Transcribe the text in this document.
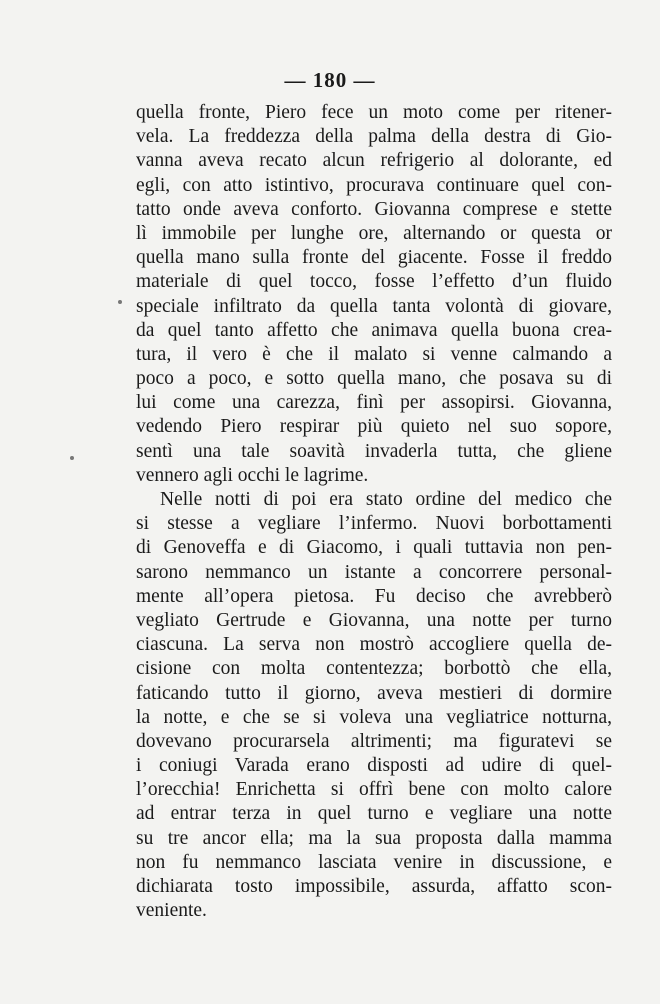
— 180 —
quella fronte, Piero fece un moto come per ritener-
vela. La freddezza della palma della destra di Gio-
vanna aveva recato alcun refrigerio al dolorante, ed
egli, con atto istintivo, procurava continuare quel con-
tatto onde aveva conforto. Giovanna comprese e stette
lì immobile per lunghe ore, alternando or questa or
quella mano sulla fronte del giacente. Fosse il freddo
materiale di quel tocco, fosse l’effetto d’un fluido
speciale infiltrato da quella tanta volontà di giovare,
da quel tanto affetto che animava quella buona crea-
tura, il vero è che il malato si venne calmando a
poco a poco, e sotto quella mano, che posava su di
lui come una carezza, finì per assopirsi. Giovanna,
vedendo Piero respirar più quieto nel suo sopore,
sentì una tale soavità invaderla tutta, che gliene
vennero agli occhi le lagrime.
Nelle notti di poi era stato ordine del medico che
si stesse a vegliare l’infermo. Nuovi borbottamenti
di Genoveffa e di Giacomo, i quali tuttavia non pen-
sarono nemmanco un istante a concorrere personal-
mente all’opera pietosa. Fu deciso che avrebberò
vegliato Gertrude e Giovanna, una notte per turno
ciascuna. La serva non mostrò accogliere quella de-
cisione con molta contentezza; borbottò che ella,
faticando tutto il giorno, aveva mestieri di dormire
la notte, e che se si voleva una vegliatrice notturna,
dovevano procurarsela altrimenti; ma figuratevi se
i coniugi Varada erano disposti ad udire di quel-
l’orecchia! Enrichetta si offrì bene con molto calore
ad entrar terza in quel turno e vegliare una notte
su tre ancor ella; ma la sua proposta dalla mamma
non fu nemmanco lasciata venire in discussione, e
dichiarata tosto impossibile, assurda, affatto scon-
veniente.
